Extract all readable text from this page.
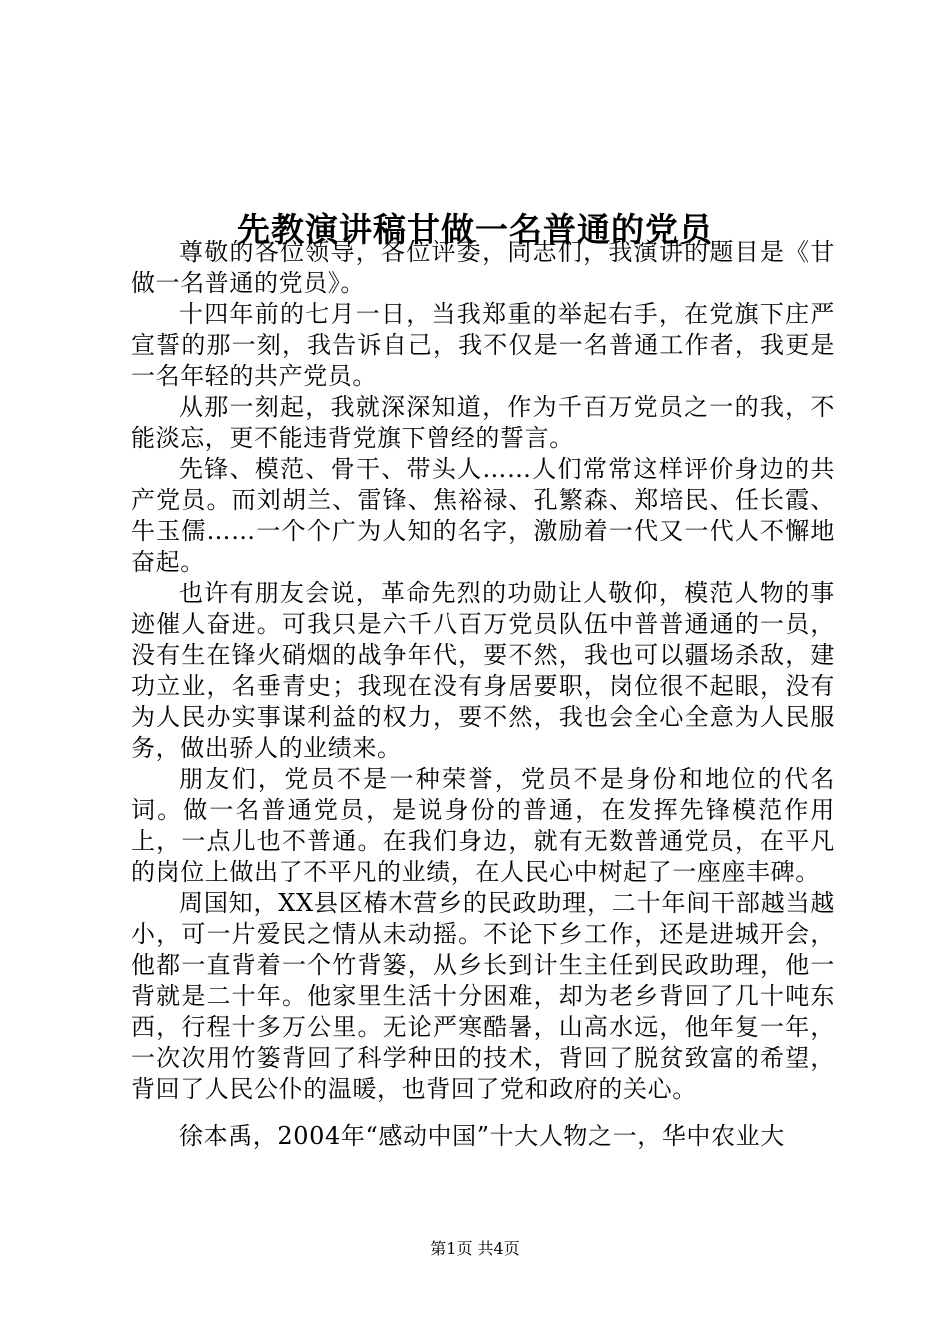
先教演讲稿甘做一名普通的党员

尊敬的各位领导，各位评委，同志们，我演讲的题目是《甘做一名普通的党员》。

十四年前的七月一日，当我郑重的举起右手，在党旗下庄严宣誓的那一刻，我告诉自己，我不仅是一名普通工作者，我更是一名年轻的共产党员。

从那一刻起，我就深深知道，作为千百万党员之一的我，不能淡忘，更不能违背党旗下曾经的誓言。

先锋、模范、骨干、带头人……人们常常这样评价身边的共产党员。而刘胡兰、雷锋、焦裕禄、孔繁森、郑培民、任长霞、牛玉儒……一个个广为人知的名字，激励着一代又一代人不懈地奋起。

也许有朋友会说，革命先烈的功勋让人敬仰，模范人物的事迹催人奋进。可我只是六千八百万党员队伍中普普通通的一员，没有生在锋火硝烟的战争年代，要不然，我也可以疆场杀敌，建功立业，名垂青史；我现在没有身居要职，岗位很不起眼，没有为人民办实事谋利益的权力，要不然，我也会全心全意为人民服务，做出骄人的业绩来。

朋友们，党员不是一种荣誉，党员不是身份和地位的代名词。做一名普通党员，是说身份的普通，在发挥先锋模范作用上，一点儿也不普通。在我们身边，就有无数普通党员，在平凡的岗位上做出了不平凡的业绩，在人民心中树起了一座座丰碑。

周国知，XX县区椿木营乡的民政助理，二十年间干部越当越小，可一片爱民之情从未动摇。不论下乡工作，还是进城开会，他都一直背着一个竹背篓，从乡长到计生主任到民政助理，他一背就是二十年。他家里生活十分困难，却为老乡背回了几十吨东西，行程十多万公里。无论严寒酷暑，山高水远，他年复一年，一次次用竹篓背回了科学种田的技术，背回了脱贫致富的希望，背回了人民公仆的温暖，也背回了党和政府的关心。

徐本禹，2004年“感动中国”十大人物之一，华中农业大

第1页 共4页
